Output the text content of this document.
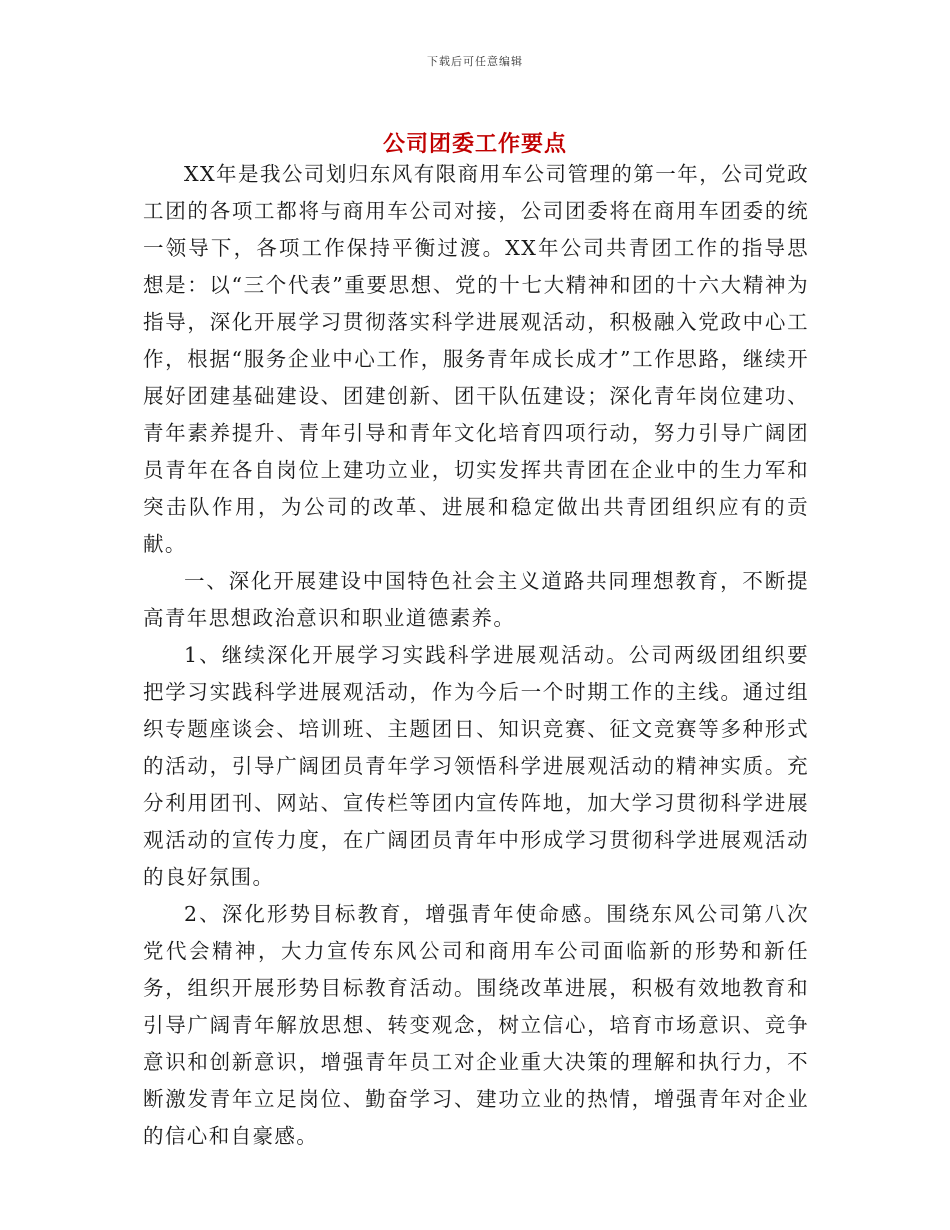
下载后可任意编辑
公司团委工作要点

XX年是我公司划归东风有限商用车公司管理的第一年，公司党政工团的各项工都将与商用车公司对接，公司团委将在商用车团委的统一领导下，各项工作保持平衡过渡。XX年公司共青团工作的指导思想是：以“三个代表”重要思想、党的十七大精神和团的十六大精神为指导，深化开展学习贯彻落实科学进展观活动，积极融入党政中心工作，根据“服务企业中心工作，服务青年成长成才”工作思路，继续开展好团建基础建设、团建创新、团干队伍建设；深化青年岗位建功、青年素养提升、青年引导和青年文化培育四项行动，努力引导广阔团员青年在各自岗位上建功立业，切实发挥共青团在企业中的生力军和突击队作用，为公司的改革、进展和稳定做出共青团组织应有的贡献。

一、深化开展建设中国特色社会主义道路共同理想教育，不断提高青年思想政治意识和职业道德素养。

1、继续深化开展学习实践科学进展观活动。公司两级团组织要把学习实践科学进展观活动，作为今后一个时期工作的主线。通过组织专题座谈会、培训班、主题团日、知识竞赛、征文竞赛等多种形式的活动，引导广阔团员青年学习领悟科学进展观活动的精神实质。充分利用团刊、网站、宣传栏等团内宣传阵地，加大学习贯彻科学进展观活动的宣传力度，在广阔团员青年中形成学习贯彻科学进展观活动的良好氛围。

2、深化形势目标教育，增强青年使命感。围绕东风公司第八次党代会精神，大力宣传东风公司和商用车公司面临新的形势和新任务，组织开展形势目标教育活动。围绕改革进展，积极有效地教育和引导广阔青年解放思想、转变观念，树立信心，培育市场意识、竞争意识和创新意识，增强青年员工对企业重大决策的理解和执行力，不断激发青年立足岗位、勤奋学习、建功立业的热情，增强青年对企业的信心和自豪感。
